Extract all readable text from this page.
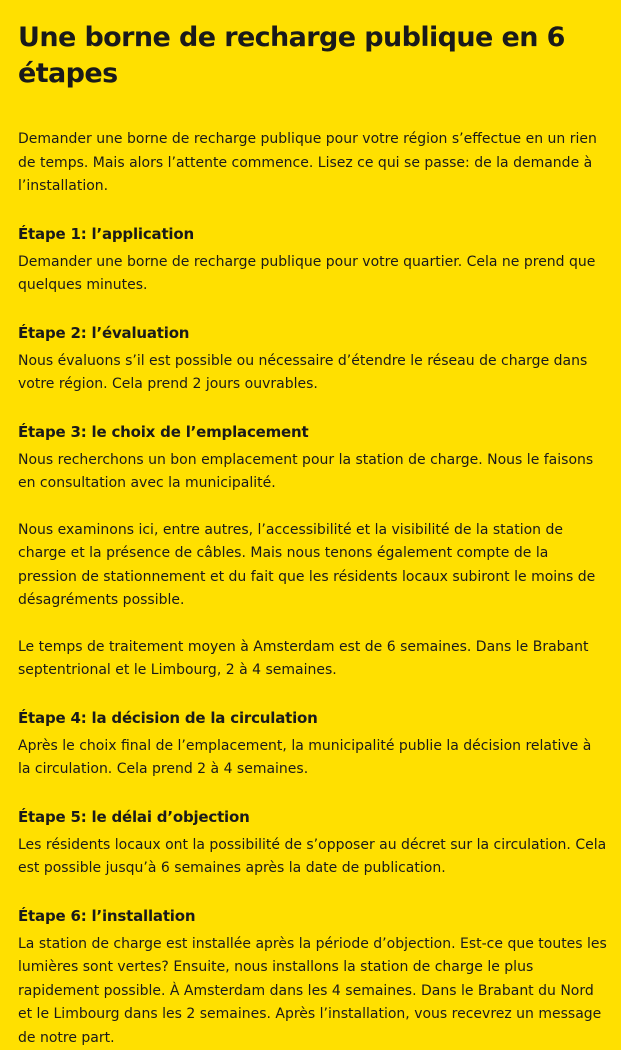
Une borne de recharge publique en 6 étapes

Demander une borne de recharge publique pour votre région s’effectue en un rien de temps. Mais alors l’attente commence. Lisez ce qui se passe: de la demande à l’installation.

Étape 1: l’application

Demander une borne de recharge publique pour votre quartier. Cela ne prend que quelques minutes.

Étape 2: l’évaluation

Nous évaluons s’il est possible ou nécessaire d’étendre le réseau de charge dans votre région. Cela prend 2 jours ouvrables.

Étape 3: le choix de l’emplacement

Nous recherchons un bon emplacement pour la station de charge. Nous le faisons en consultation avec la municipalité.

Nous examinons ici, entre autres, l’accessibilité et la visibilité de la station de charge et la présence de câbles. Mais nous tenons également compte de la pression de stationnement et du fait que les résidents locaux subiront le moins de désagréments possible.

Le temps de traitement moyen à Amsterdam est de 6 semaines. Dans le Brabant septentrional et le Limbourg, 2 à 4 semaines.

Étape 4: la décision de la circulation

Après le choix final de l’emplacement, la municipalité publie la décision relative à la circulation. Cela prend 2 à 4 semaines.

Étape 5: le délai d’objection

Les résidents locaux ont la possibilité de s’opposer au décret sur la circulation. Cela est possible jusqu’à 6 semaines après la date de publication.

Étape 6: l’installation

La station de charge est installée après la période d’objection. Est-ce que toutes les lumières sont vertes? Ensuite, nous installons la station de charge le plus rapidement possible. À Amsterdam dans les 4 semaines. Dans le Brabant du Nord et le Limbourg dans les 2 semaines. Après l’installation, vous recevrez un message de notre part.
